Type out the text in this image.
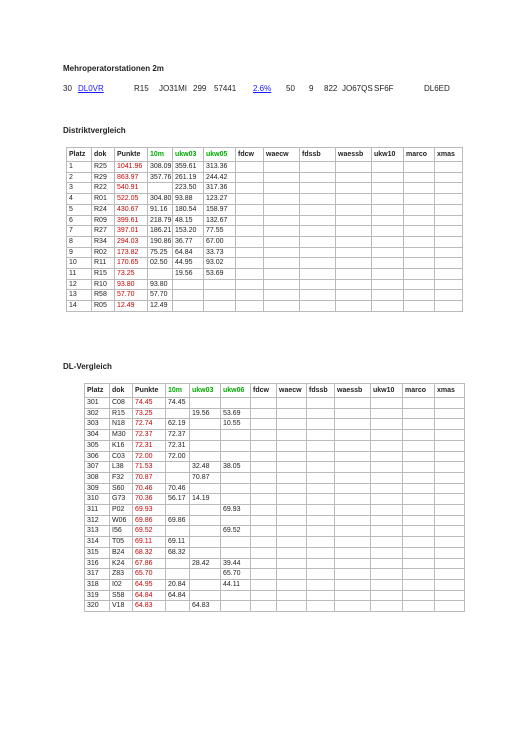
Mehroperatorstationen 2m
30 DL0VR	R15 JO31MI 299 57441 2.6% 50 9 822 JO67QS SF6F	DL6ED
Distriktvergleich
Platz	dok	Punkte	10m	ukw03	ukw05	fdcw	waecw	fdssb	waessb	ukw10	marco	xmas
1	R25	1041.96	308.09	359.61	313.36							
2	R29	863.97	357.76	261.19	244.42							
3	R22	540.91		223.50	317.36							
4	R01	522.05	304.80	93.88	123.27							
5	R24	430.67	91.16	180.54	158.97							
6	R09	399.61	218.79	48.15	132.67							
7	R27	397.01	186.21	153.20	77.55							
8	R34	294.03	190.86	36.77	67.00							
9	R02	173.82	75.25	64.84	33.73							
10	R11	170.65	02.50	44.95	93.02							
11	R15	73.25		19.56	53.69							
12	R10	93.80	93.80									
13	R58	57.70	57.70									
14	R05	12.49	12.49									
DL-Vergleich
Platz	dok	Punkte	10m	ukw03	ukw06	fdcw	waecw	fdssb	waessb	ukw10	marco	xmas
301	C08	74.45	74.45									
302	R15	73.25		19.56	53.69							
303	N18	72.74	62.19		10.55							
304	M30	72.37	72.37									
305	K16	72.31	72.31									
306	C03	72.00	72.00									
307	L38	71.53		32.48	38.05							
308	F32	70.87		70.87								
309	S60	70.46	70.46									
310	G73	70.36	56.17	14.19								
311	P02	69.93			69.93							
312	W06	69.86	69.86									
313	I56	69.52			69.52							
314	T05	69.11	69.11									
315	B24	68.32	68.32									
316	K24	67.86		28.42	39.44							
317	Z83	65.70			65.70							
318	I02	64.95	20.84		44.11							
319	S58	64.84	64.84									
320	V18	64.83		64.83								
